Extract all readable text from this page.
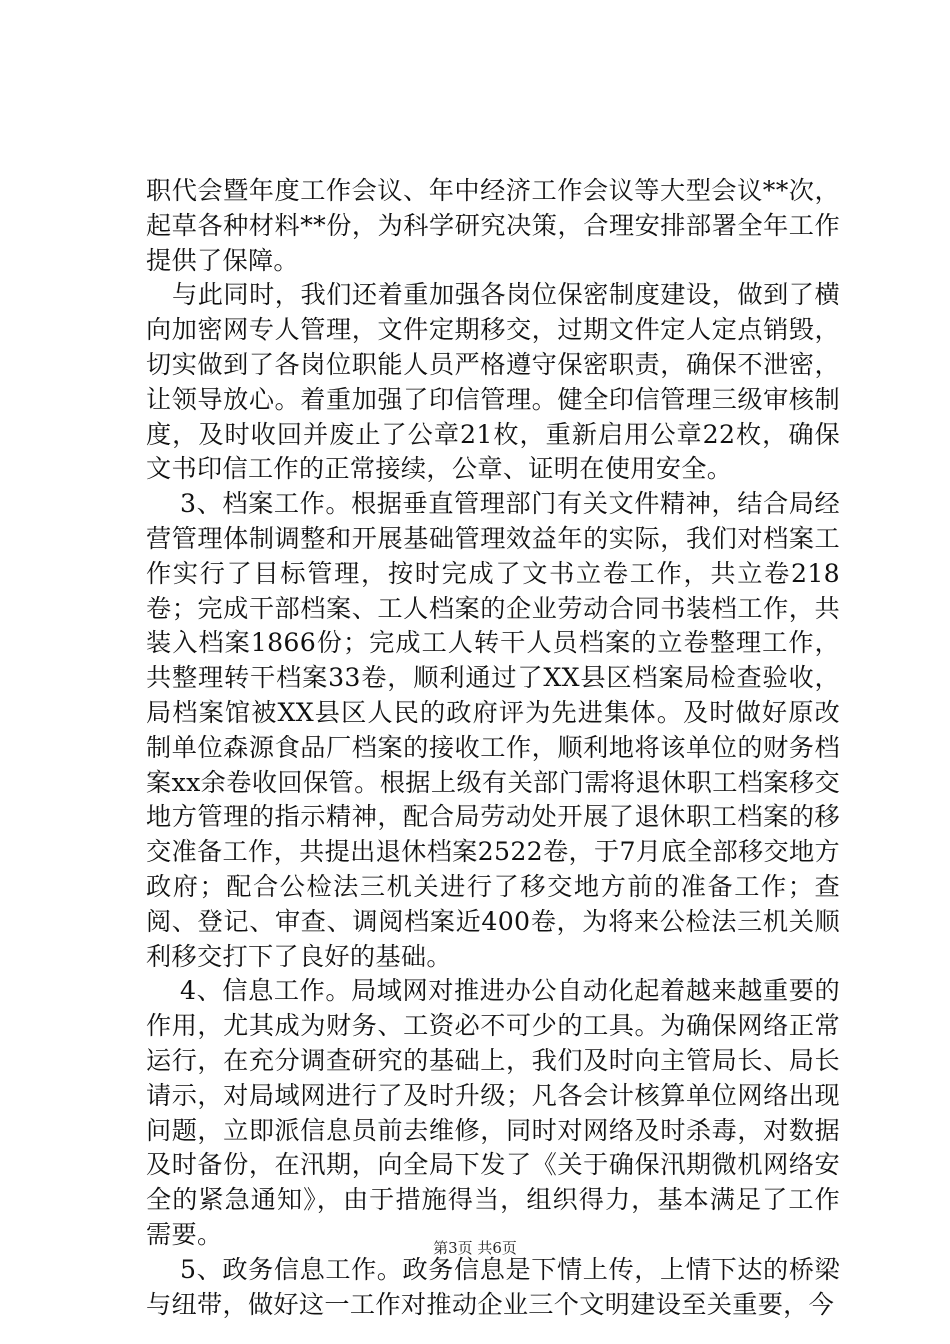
职代会暨年度工作会议、年中经济工作会议等大型会议**次，起草各种材料**份，为科学研究决策，合理安排部署全年工作提供了保障。

与此同时，我们还着重加强各岗位保密制度建设，做到了横向加密网专人管理，文件定期移交，过期文件定人定点销毁，切实做到了各岗位职能人员严格遵守保密职责，确保不泄密，让领导放心。着重加强了印信管理。健全印信管理三级审核制度，及时收回并废止了公章21枚，重新启用公章22枚，确保文书印信工作的正常接续，公章、证明在使用安全。

3、档案工作。根据垂直管理部门有关文件精神，结合局经营管理体制调整和开展基础管理效益年的实际，我们对档案工作实行了目标管理，按时完成了文书立卷工作，共立卷218卷；完成干部档案、工人档案的企业劳动合同书装档工作，共装入档案1866份；完成工人转干人员档案的立卷整理工作，共整理转干档案33卷，顺利通过了XX县区档案局检查验收，局档案馆被XX县区人民的政府评为先进集体。及时做好原改制单位森源食品厂档案的接收工作，顺利地将该单位的财务档案xx余卷收回保管。根据上级有关部门需将退休职工档案移交地方管理的指示精神，配合局劳动处开展了退休职工档案的移交准备工作，共提出退休档案2522卷，于7月底全部移交地方政府；配合公检法三机关进行了移交地方前的准备工作；查阅、登记、审查、调阅档案近400卷，为将来公检法三机关顺利移交打下了良好的基础。

4、信息工作。局域网对推进办公自动化起着越来越重要的作用，尤其成为财务、工资必不可少的工具。为确保网络正常运行，在充分调查研究的基础上，我们及时向主管局长、局长请示，对局域网进行了及时升级；凡各会计核算单位网络出现问题，立即派信息员前去维修，同时对网络及时杀毒，对数据及时备份，在汛期，向全局下发了《关于确保汛期微机网络安全的紧急通知》，由于措施得当，组织得力，基本满足了工作需要。

5、政务信息工作。政务信息是下情上传，上情下达的桥梁与纽带，做好这一工作对推动企业三个文明建设至关重要，今

第3页 共6页
